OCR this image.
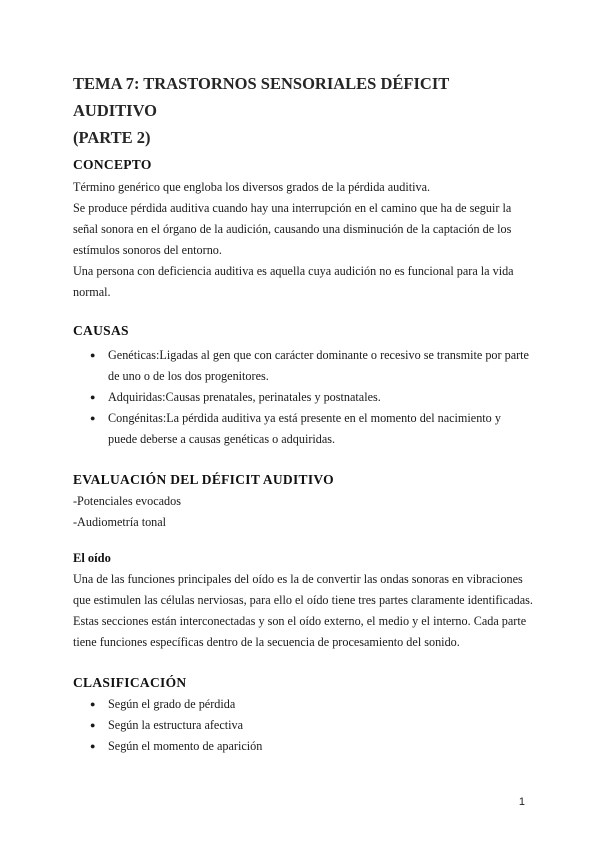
TEMA 7: TRASTORNOS SENSORIALES DÉFICIT AUDITIVO
(PARTE 2)
CONCEPTO

Término genérico que engloba los diversos grados de la pérdida auditiva.

Se produce pérdida auditiva cuando hay una interrupción en el camino que ha de seguir la señal sonora en el órgano de la audición, causando una disminución de la captación de los estímulos sonoros del entorno.

Una persona con deficiencia auditiva es aquella cuya audición no es funcional para la vida normal.

CAUSAS
● Genéticas:Ligadas al gen que con carácter dominante o recesivo se transmite por parte de uno o de los dos progenitores.
● Adquiridas:Causas prenatales, perinatales y postnatales.
● Congénitas:La pérdida auditiva ya está presente en el momento del nacimiento y puede deberse a causas genéticas o adquiridas.
EVALUACIÓN DEL DÉFICIT AUDITIVO

-Potenciales evocados

-Audiometría tonal

El oído

Una de las funciones principales del oído es la de convertir las ondas sonoras en vibraciones que estimulen las células nerviosas, para ello el oído tiene tres partes claramente identificadas. Estas secciones están interconectadas y son el oído externo, el medio y el interno. Cada parte tiene funciones específicas dentro de la secuencia de procesamiento del sonido.

CLASIFICACIÓN
● Según el grado de pérdida
● Según la estructura afectiva
● Según el momento de aparición
1
